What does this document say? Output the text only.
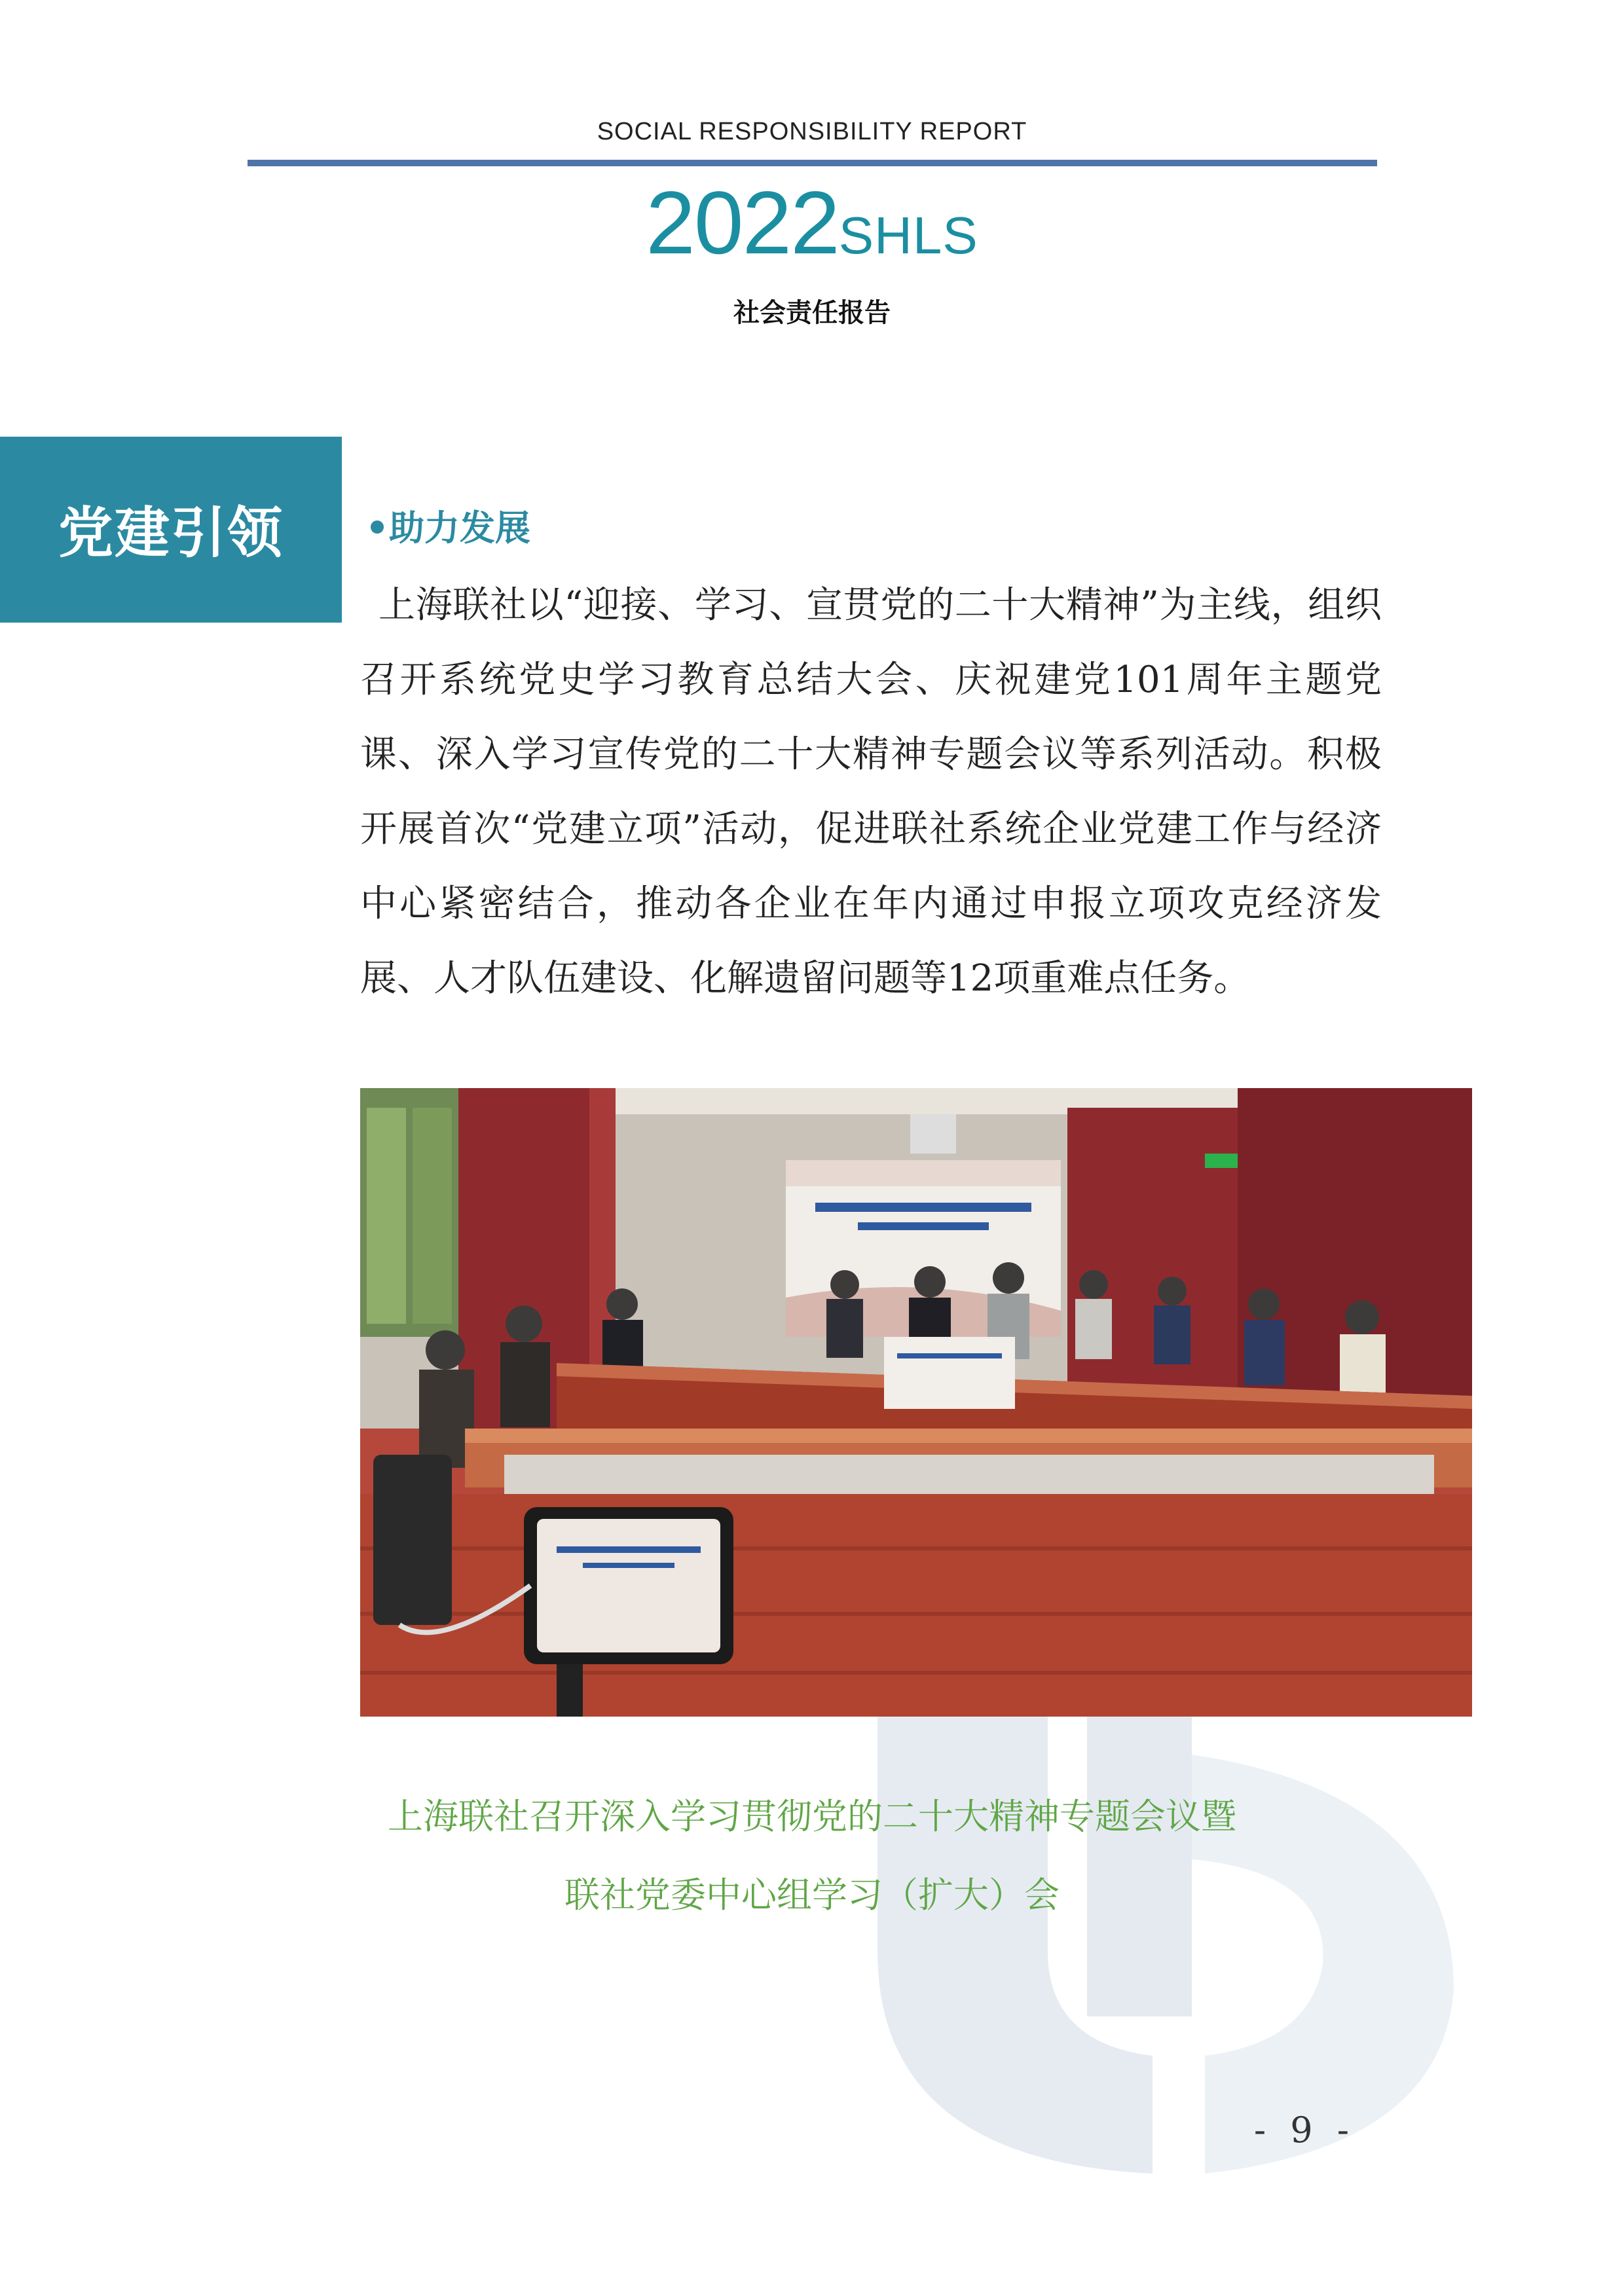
SOCIAL RESPONSIBILITY REPORT
2022SHLS
社会责任报告
党建引领	助力发展

上海联社以“迎接、学习、宣贯党的二十大精神”为主线，组织召开系统党史学习教育总结大会、庆祝建党101周年主题党课、深入学习宣传党的二十大精神专题会议等系列活动。积极开展首次“党建立项”活动，促进联社系统企业党建工作与经济中心紧密结合，推动各企业在年内通过申报立项攻克经济发展、人才队伍建设、化解遗留问题等12项重难点任务。

上海联社召开深入学习贯彻党的二十大精神专题会议暨
联社党委中心组学习（扩大）会
- 9 -
